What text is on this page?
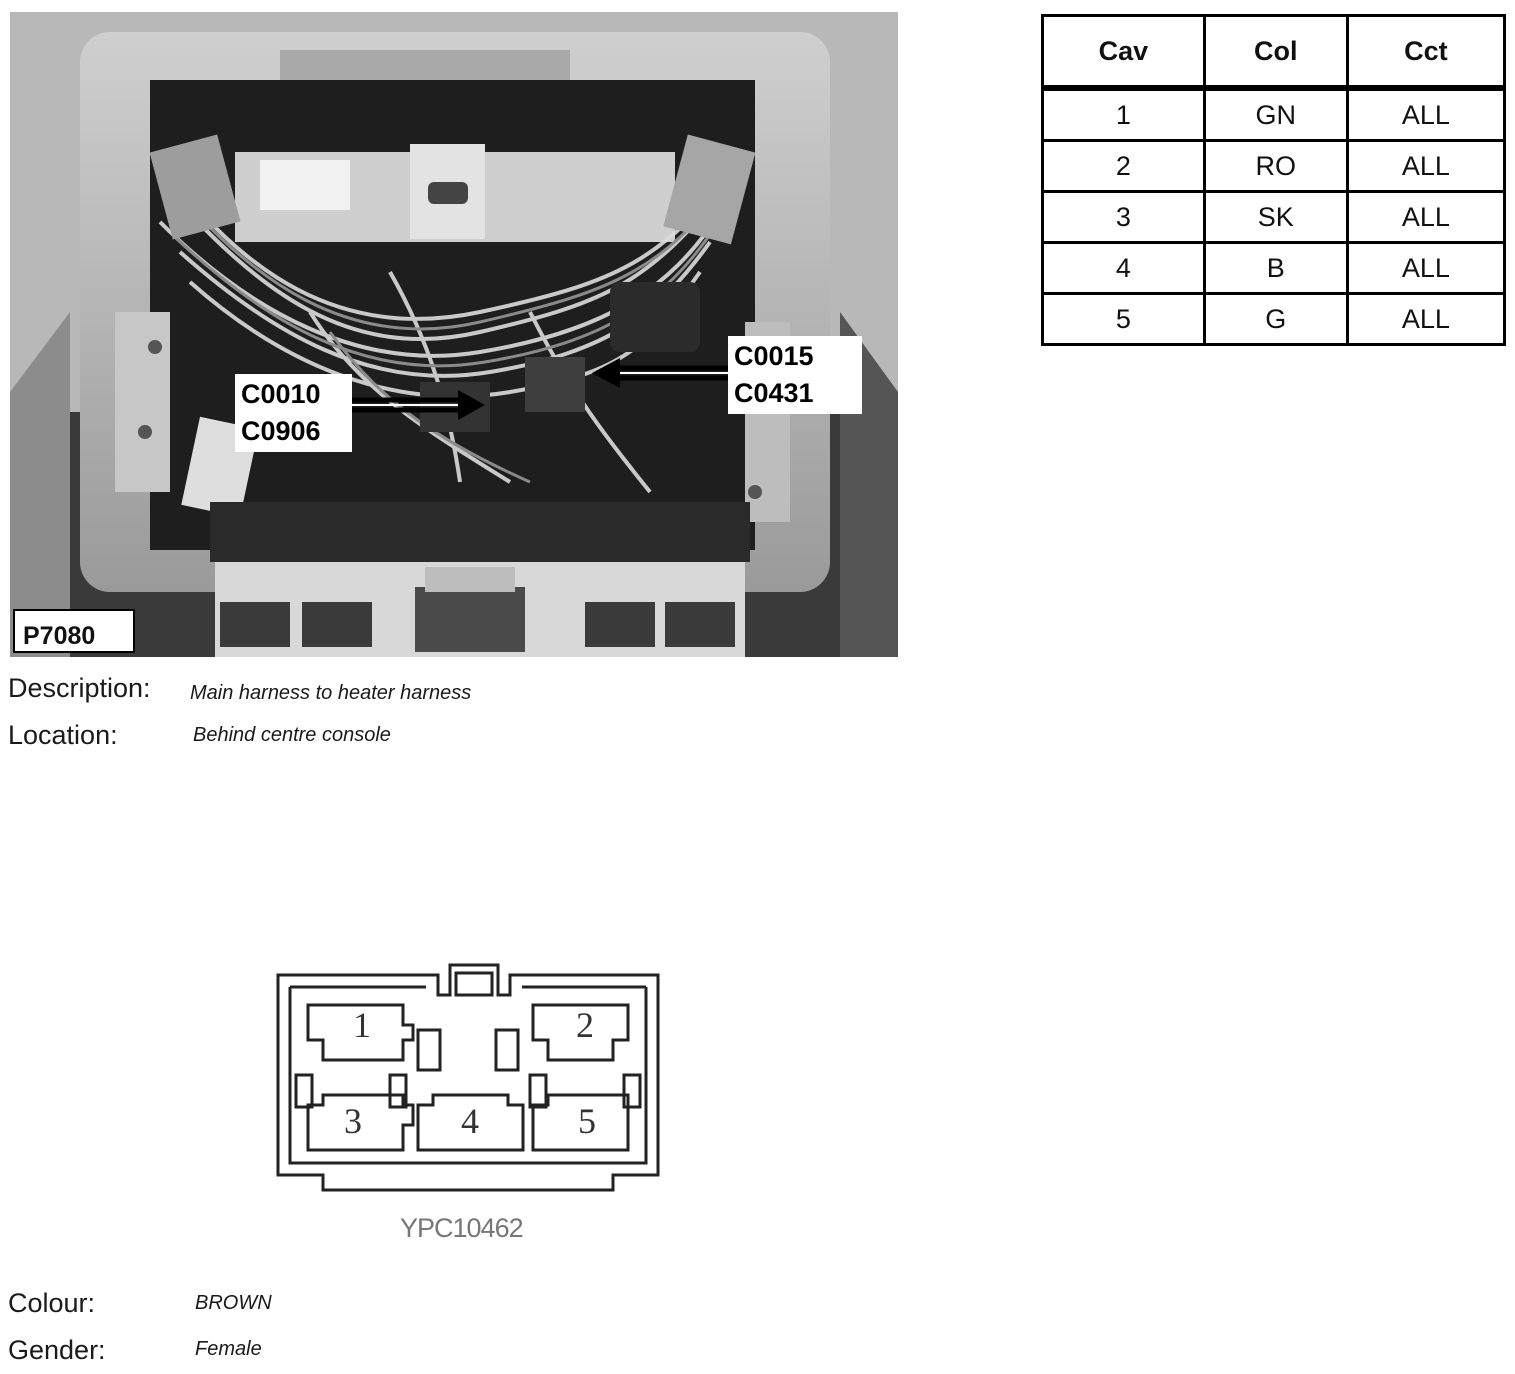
C0010
C0906
C0015
C0431
P7080
Description: Main harness to heater harness
Location:	Behind centre console
Cav	Col	Cct
1	GN	ALL
2	RO	ALL
3	SK	ALL
4	B	ALL
5	G	ALL
1	2
3	4	5
YPC10462
Colour:	BROWN
Gender:	Female
